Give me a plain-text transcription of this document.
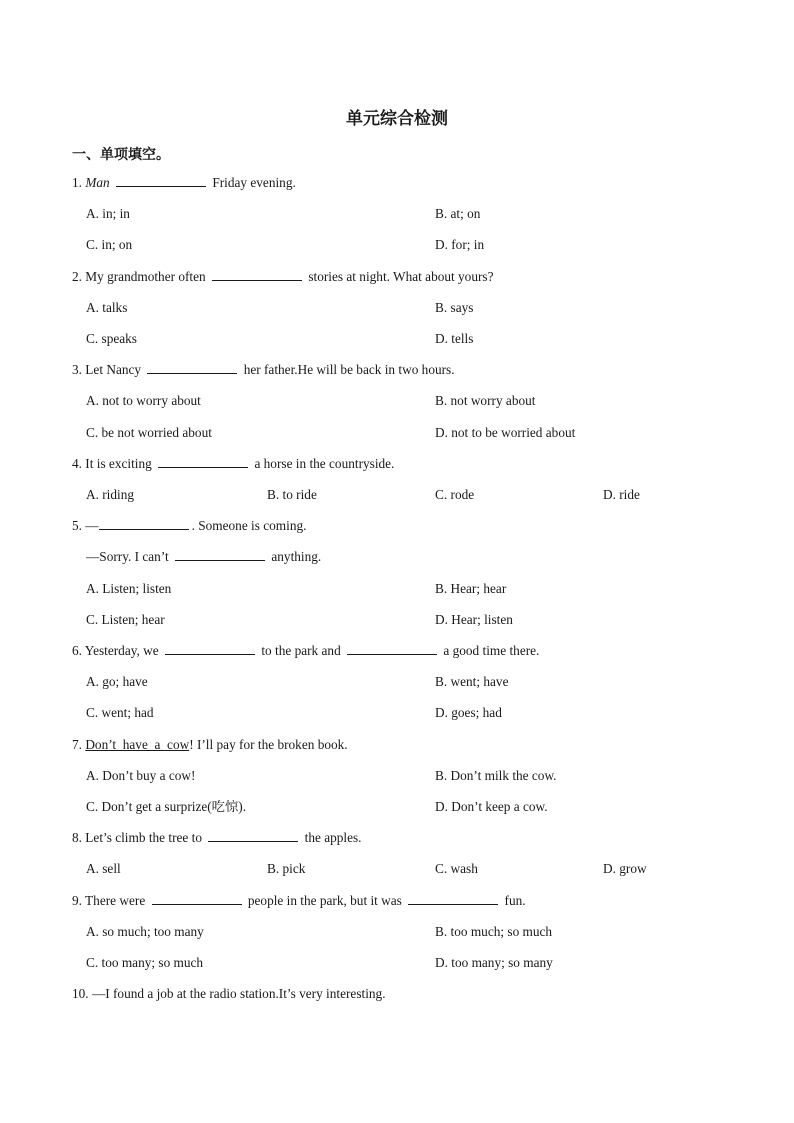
单元综合检测
一、单项填空。
1. Man	Friday evening.
A. in; in	B. at; on
C. in; on	D. for; in
2. My grandmother often	stories at night. What about yours?
A. talks	B. says
C. speaks	D. tells
3. Let Nancy	her father.He will be back in two hours.
A. not to worry about	B. not worry about
C. be not worried about	D. not to be worried about
4. It is exciting	a horse in the countryside.
A. riding	B. to ride	C. rode	D. ride
5. —	. Someone is coming.
—Sorry. I can’t	anything.
A. Listen; listen	B. Hear; hear
C. Listen; hear	D. Hear; listen
6. Yesterday, we	to the park and	a good time there.
A. go; have	B. went; have
C. went; had	D. goes; had
7. Don’t_have_a_cow! I’ll pay for the broken book.
A. Don’t buy a cow!	B. Don’t milk the cow.
C. Don’t get a surprize(吃惊).	D. Don’t keep a cow.
8. Let’s climb the tree to	the apples.
A. sell	B. pick	C. wash	D. grow
9. There were	people in the park, but it was	fun.
A. so much; too many	B. too much; so much
C. too many; so much	D. too many; so many
10. —I found a job at the radio station.It’s very interesting.
